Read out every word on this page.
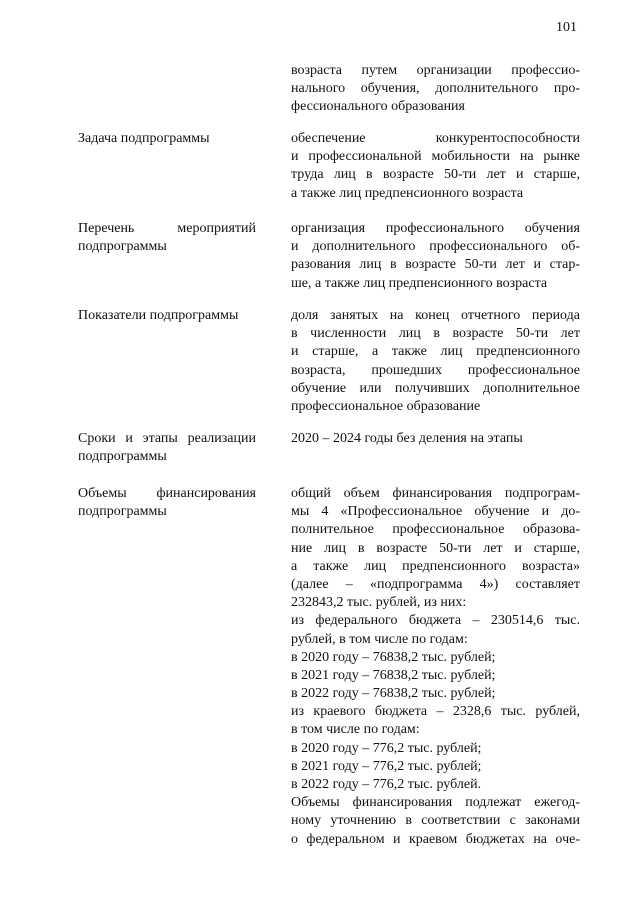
101
возраста путем организации профессио-
нального обучения, дополнительного про-
фессионального образования
Задача подпрограммы	обеспечение конкурентоспособности
и профессиональной мобильности на рынке
труда лиц в возрасте 50-ти лет и старше,
а также лиц предпенсионного возраста
Перечень мероприятий
подпрограммы
организация профессионального обучения
и дополнительного профессионального об-
разования лиц в возрасте 50-ти лет и стар-
ше, а также лиц предпенсионного возраста
Показатели подпрограммы	доля занятых на конец отчетного периода
в численности лиц в возрасте 50-ти лет
и старше, а также лиц предпенсионного
возраста, прошедших профессиональное
обучение или получивших дополнительное
профессиональное образование
Сроки и этапы реализации
подпрограммы
2020 – 2024 годы без деления на этапы
Объемы финансирования
подпрограммы
общий объем финансирования подпрограм-
мы 4 «Профессиональное обучение и до-
полнительное профессиональное образова-
ние лиц в возрасте 50-ти лет и старше,
а также лиц предпенсионного возраста»
(далее – «подпрограмма 4») составляет
232843,2 тыс. рублей, из них:
из федерального бюджета – 230514,6 тыс.
рублей, в том числе по годам:
в 2020 году – 76838,2 тыс. рублей;
в 2021 году – 76838,2 тыс. рублей;
в 2022 году – 76838,2 тыс. рублей;
из краевого бюджета – 2328,6 тыс. рублей,
в том числе по годам:
в 2020 году – 776,2 тыс. рублей;
в 2021 году – 776,2 тыс. рублей;
в 2022 году – 776,2 тыс. рублей.
Объемы финансирования подлежат ежегод-
ному уточнению в соответствии с законами
о федеральном и краевом бюджетах на оче-
